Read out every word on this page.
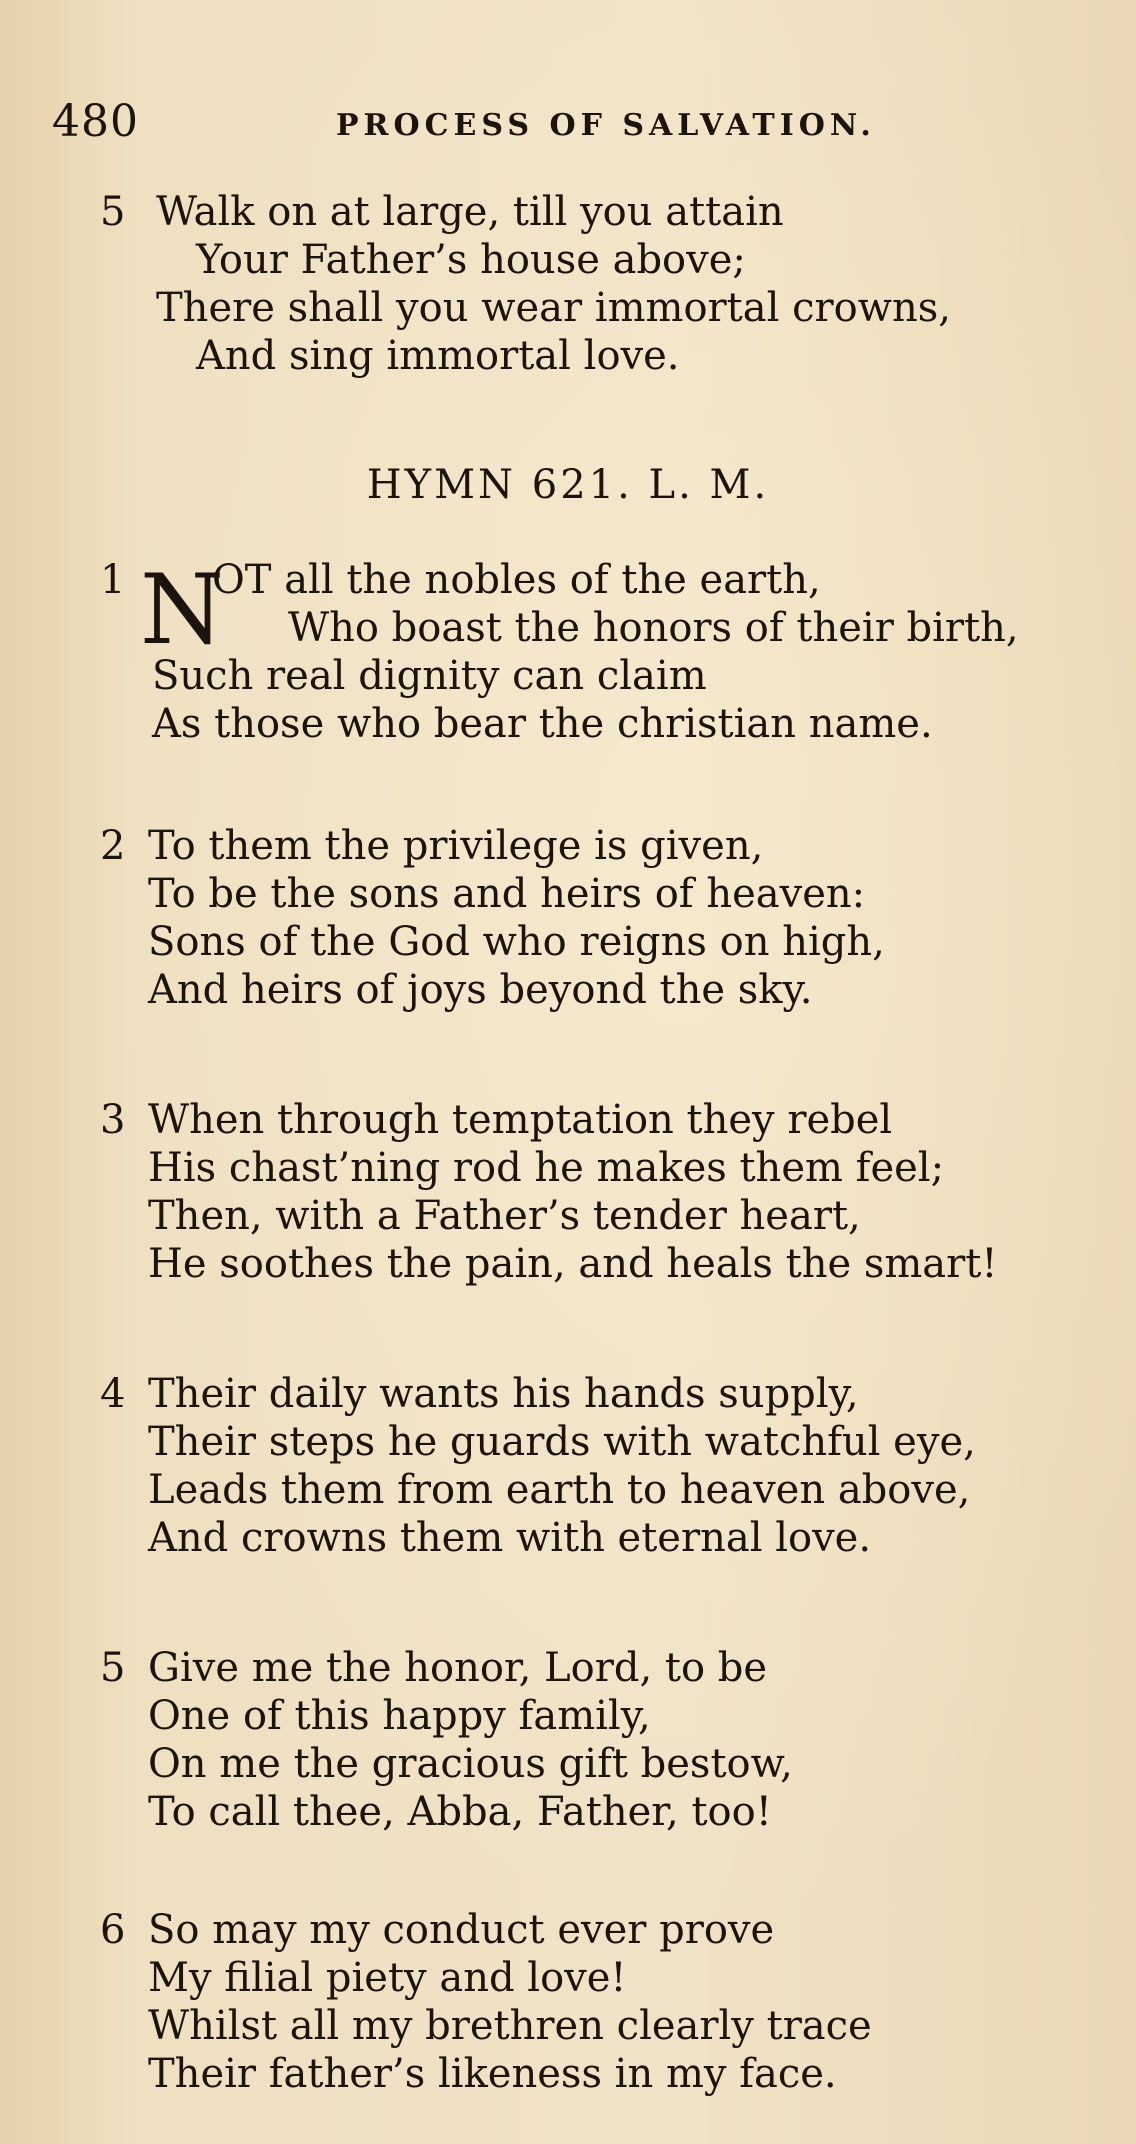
480	PROCESS OF SALVATION.
5 Walk on at large, till you attain
Your Father’s house above;
There shall you wear immortal crowns,
And sing immortal love.
HYMN 621. L. M.
1 N
OT all the nobles of the earth,
Who boast the honors of their birth,
Such real dignity can claim
As those who bear the christian name.
2 To them the privilege is given,
To be the sons and heirs of heaven:
Sons of the God who reigns on high,
And heirs of joys beyond the sky.
3 When through temptation they rebel
His chast’ning rod he makes them feel;
Then, with a Father’s tender heart,
He soothes the pain, and heals the smart!
4 Their daily wants his hands supply,
Their steps he guards with watchful eye,
Leads them from earth to heaven above,
And crowns them with eternal love.
5 Give me the honor, Lord, to be
One of this happy family,
On me the gracious gift bestow,
To call thee, Abba, Father, too!
6 So may my conduct ever prove
My filial piety and love!
Whilst all my brethren clearly trace
Their father’s likeness in my face.
